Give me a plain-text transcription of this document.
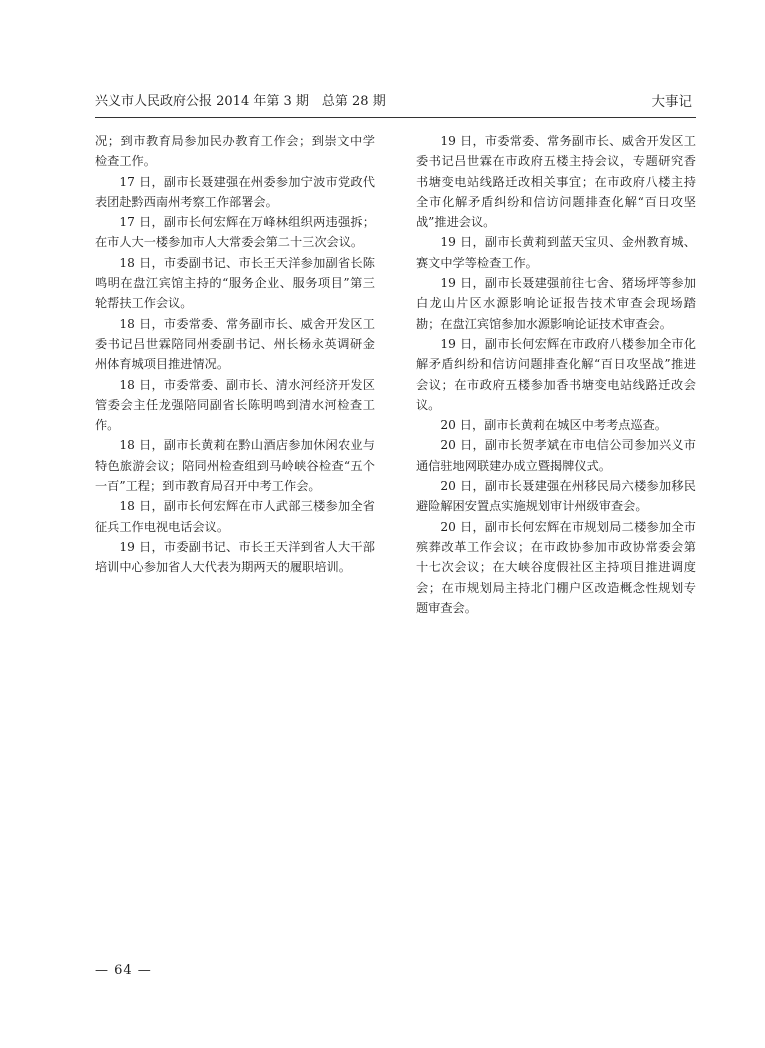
兴义市人民政府公报 2014 年第 3 期　总第 28 期	大事记

况；到市教育局参加民办教育工作会；到崇文中学检查工作。

17 日，副市长聂建强在州委参加宁波市党政代表团赴黔西南州考察工作部署会。

17 日，副市长何宏辉在万峰林组织两违强拆；在市人大一楼参加市人大常委会第二十三次会议。

18 日，市委副书记、市长王天洋参加副省长陈鸣明在盘江宾馆主持的“服务企业、服务项目”第三轮帮扶工作会议。

18 日，市委常委、常务副市长、威舍开发区工委书记吕世霖陪同州委副书记、州长杨永英调研金州体育城项目推进情况。

18 日，市委常委、副市长、清水河经济开发区管委会主任龙强陪同副省长陈明鸣到清水河检查工作。

18 日，副市长黄莉在黔山酒店参加休闲农业与特色旅游会议；陪同州检查组到马岭峡谷检查“五个一百”工程；到市教育局召开中考工作会。

18 日，副市长何宏辉在市人武部三楼参加全省征兵工作电视电话会议。

19 日，市委副书记、市长王天洋到省人大干部培训中心参加省人大代表为期两天的履职培训。

19 日，市委常委、常务副市长、威舍开发区工委书记吕世霖在市政府五楼主持会议，专题研究香书塘变电站线路迁改相关事宜；在市政府八楼主持全市化解矛盾纠纷和信访问题排查化解“百日攻坚战”推进会议。

19 日，副市长黄莉到蓝天宝贝、金州教育城、赛文中学等检查工作。

19 日，副市长聂建强前往七舍、猪场坪等参加白龙山片区水源影响论证报告技术审查会现场踏勘；在盘江宾馆参加水源影响论证技术审查会。

19 日，副市长何宏辉在市政府八楼参加全市化解矛盾纠纷和信访问题排查化解“百日攻坚战”推进会议；在市政府五楼参加香书塘变电站线路迁改会议。

20 日，副市长黄莉在城区中考考点巡查。

20 日，副市长贺孝斌在市电信公司参加兴义市通信驻地网联建办成立暨揭牌仪式。

20 日，副市长聂建强在州移民局六楼参加移民避险解困安置点实施规划审计州级审查会。

20 日，副市长何宏辉在市规划局二楼参加全市殡葬改革工作会议；在市政协参加市政协常委会第十七次会议；在大峡谷度假社区主持项目推进调度会；在市规划局主持北门棚户区改造概念性规划专题审查会。

— 64 —
